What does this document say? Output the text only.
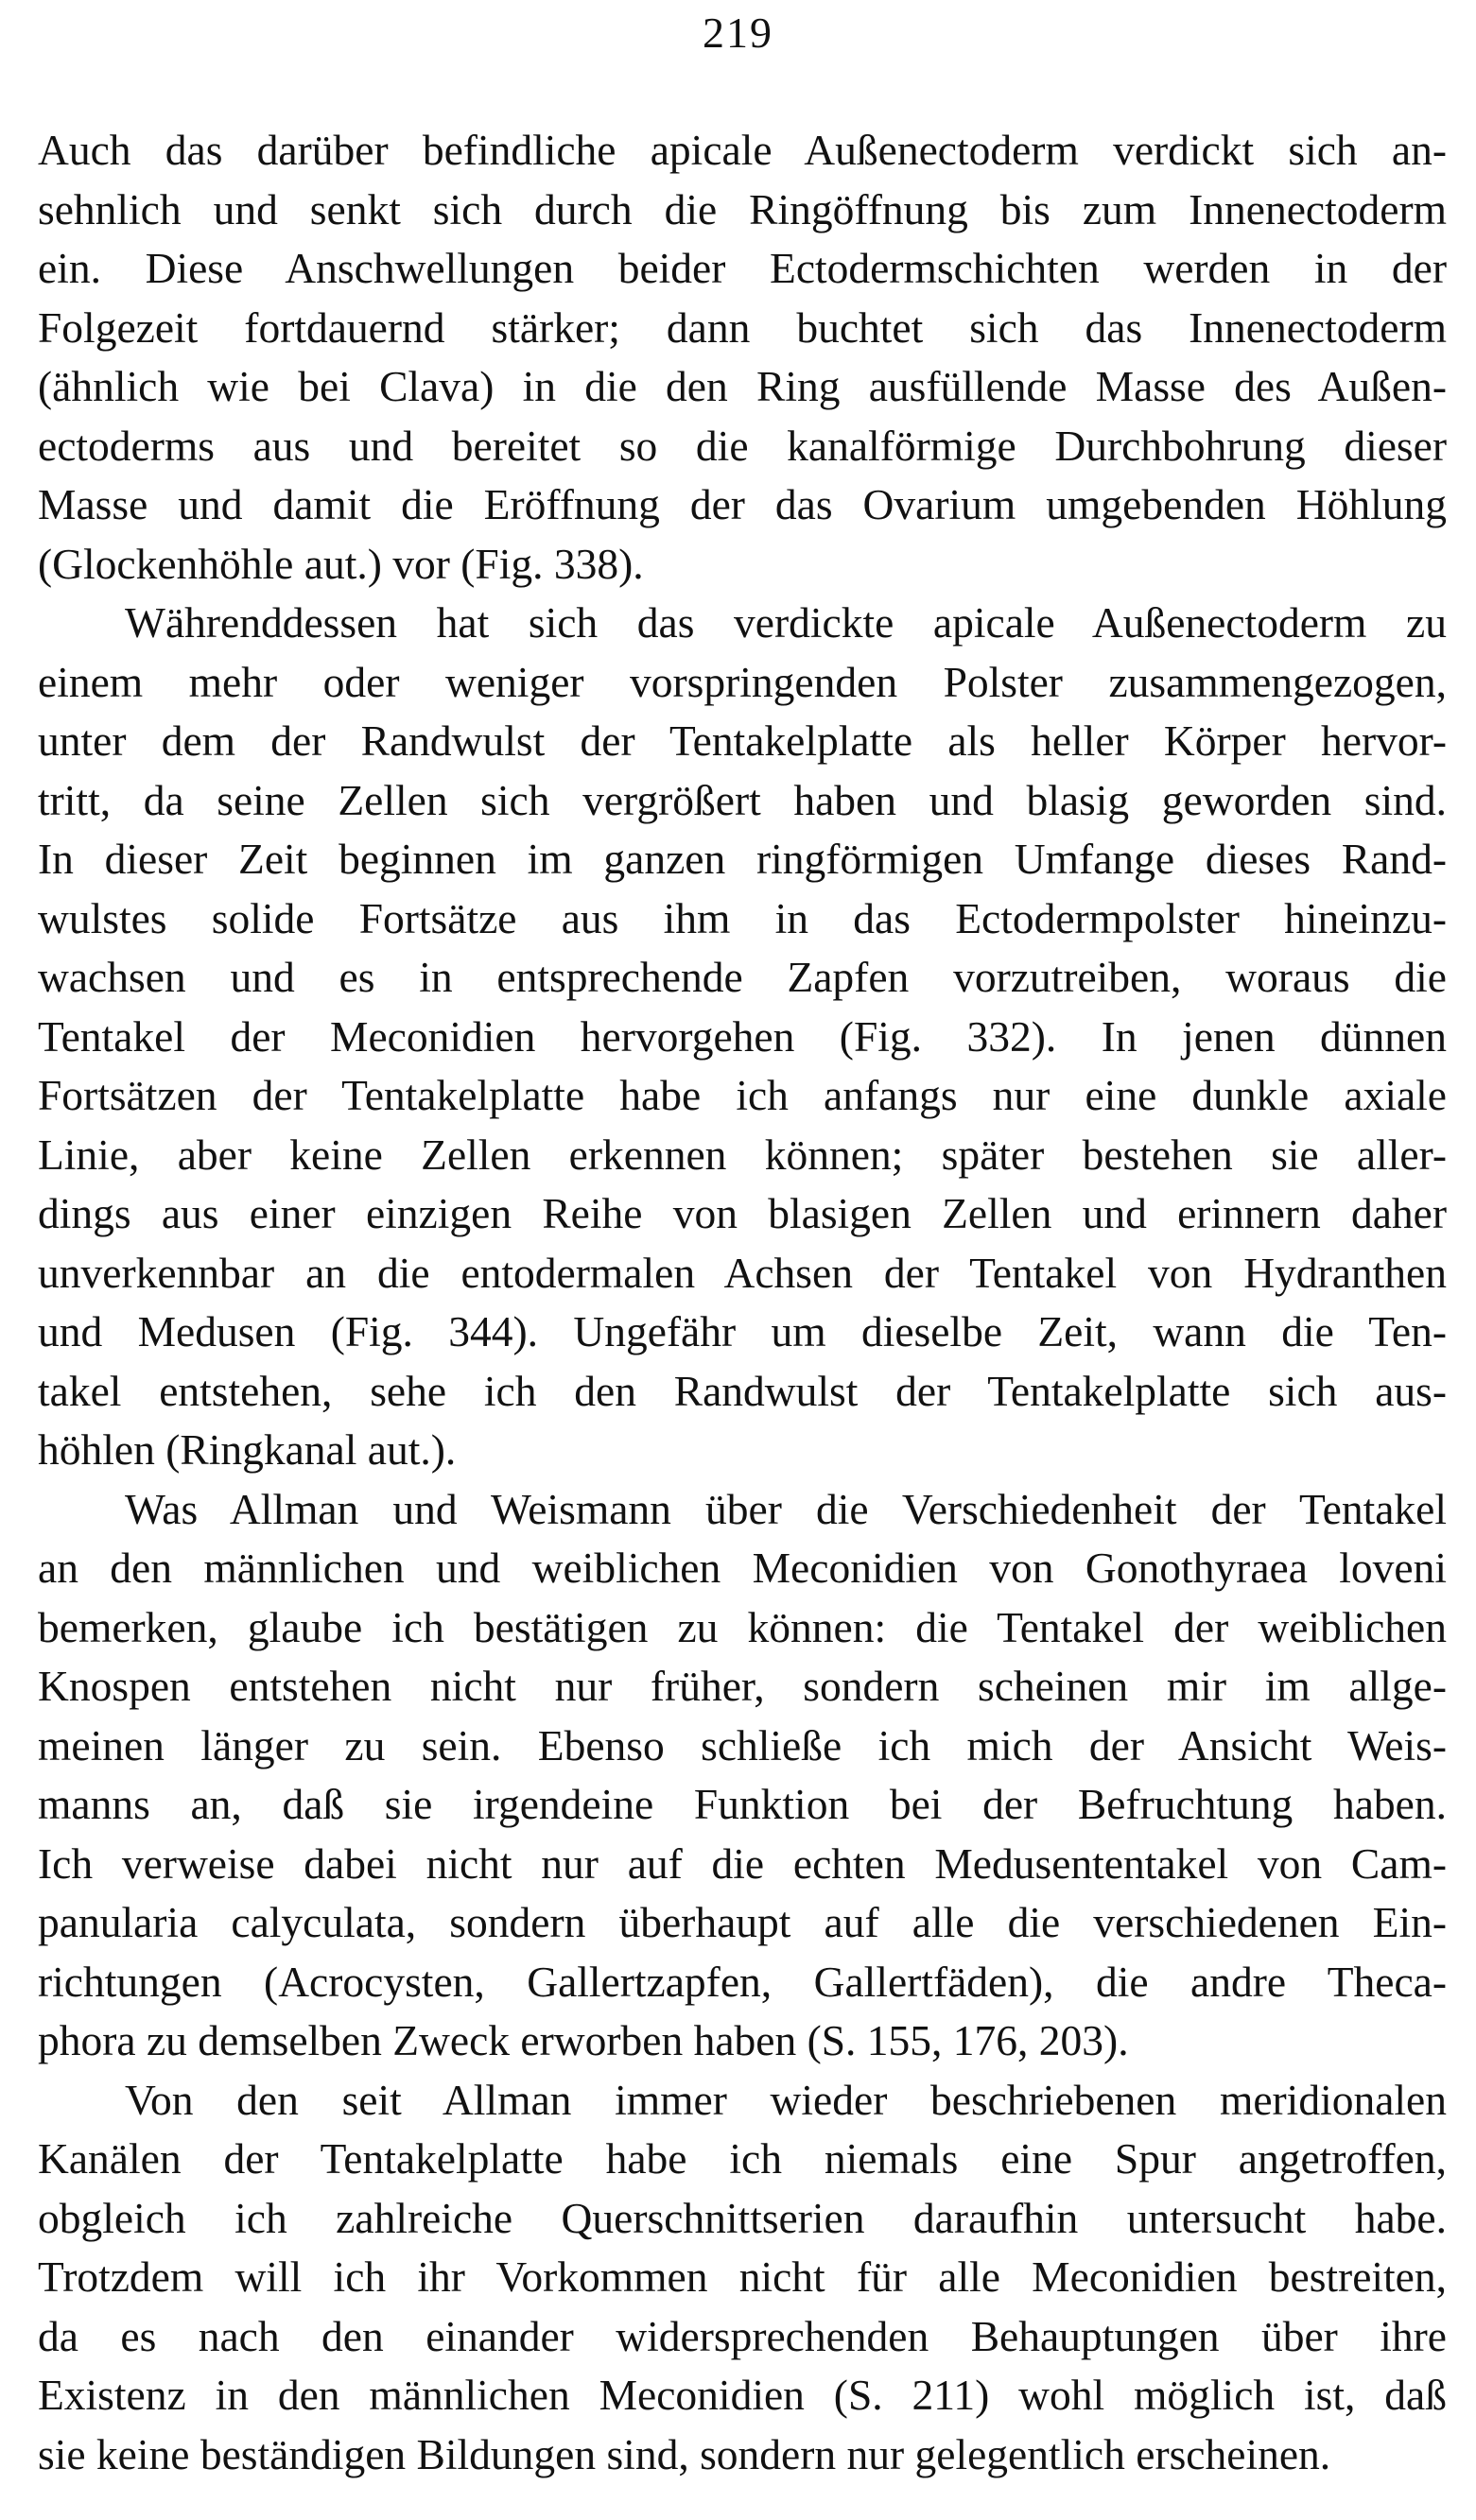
219
Auch das darüber befindliche apicale Außenectoderm verdickt sich an-
sehnlich und senkt sich durch die Ringöffnung bis zum Innenectoderm
ein. Diese Anschwellungen beider Ectodermschichten werden in der
Folgezeit fortdauernd stärker; dann buchtet sich das Innenectoderm
(ähnlich wie bei Clava) in die den Ring ausfüllende Masse des Außen-
ectoderms aus und bereitet so die kanalförmige Durchbohrung dieser
Masse und damit die Eröffnung der das Ovarium umgebenden Höhlung
(Glockenhöhle aut.) vor (Fig. 338).
Währenddessen hat sich das verdickte apicale Außenectoderm zu
einem mehr oder weniger vorspringenden Polster zusammengezogen,
unter dem der Randwulst der Tentakelplatte als heller Körper hervor-
tritt, da seine Zellen sich vergrößert haben und blasig geworden sind.
In dieser Zeit beginnen im ganzen ringförmigen Umfange dieses Rand-
wulstes solide Fortsätze aus ihm in das Ectodermpolster hineinzu-
wachsen und es in entsprechende Zapfen vorzutreiben, woraus die
Tentakel der Meconidien hervorgehen (Fig. 332). In jenen dünnen
Fortsätzen der Tentakelplatte habe ich anfangs nur eine dunkle axiale
Linie, aber keine Zellen erkennen können; später bestehen sie aller-
dings aus einer einzigen Reihe von blasigen Zellen und erinnern daher
unverkennbar an die entodermalen Achsen der Tentakel von Hydranthen
und Medusen (Fig. 344). Ungefähr um dieselbe Zeit, wann die Ten-
takel entstehen, sehe ich den Randwulst der Tentakelplatte sich aus-
höhlen (Ringkanal aut.).
Was Allman und Weismann über die Verschiedenheit der Tentakel
an den männlichen und weiblichen Meconidien von Gonothyraea loveni
bemerken, glaube ich bestätigen zu können: die Tentakel der weiblichen
Knospen entstehen nicht nur früher, sondern scheinen mir im allge-
meinen länger zu sein. Ebenso schließe ich mich der Ansicht Weis-
manns an, daß sie irgendeine Funktion bei der Befruchtung haben.
Ich verweise dabei nicht nur auf die echten Medusententakel von Cam-
panularia calyculata, sondern überhaupt auf alle die verschiedenen Ein-
richtungen (Acrocysten, Gallertzapfen, Gallertfäden), die andre Theca-
phora zu demselben Zweck erworben haben (S. 155, 176, 203).
Von den seit Allman immer wieder beschriebenen meridionalen
Kanälen der Tentakelplatte habe ich niemals eine Spur angetroffen,
obgleich ich zahlreiche Querschnittserien daraufhin untersucht habe.
Trotzdem will ich ihr Vorkommen nicht für alle Meconidien bestreiten,
da es nach den einander widersprechenden Behauptungen über ihre
Existenz in den männlichen Meconidien (S. 211) wohl möglich ist, daß
sie keine beständigen Bildungen sind, sondern nur gelegentlich erscheinen.
